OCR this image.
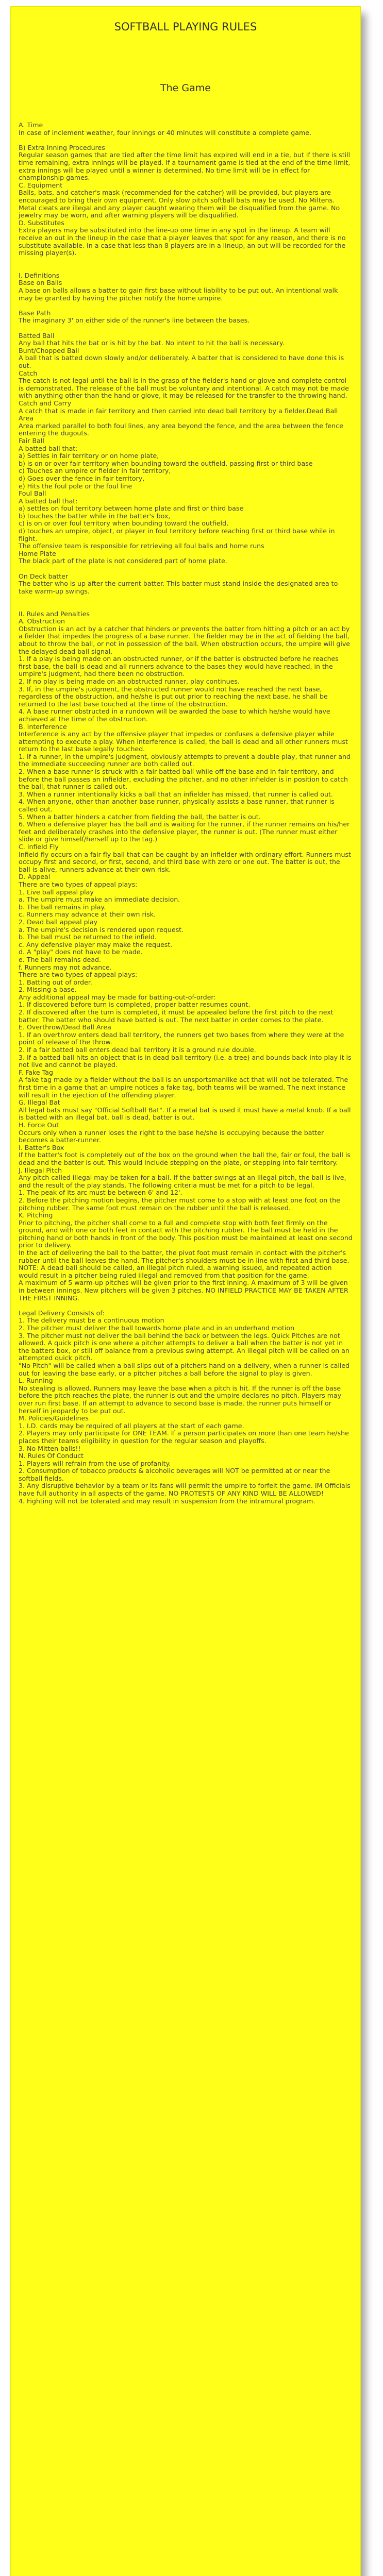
SOFTBALL PLAYING RULES
The Game

A. Time
In case of inclement weather, four innings or 40 minutes will constitute a complete game.

B) Extra Inning Procedures
Regular season games that are tied after the time limit has expired will end in a tie, but if there is still time remaining, extra innings will be played. If a tournament game is tied at the end of the time limit, extra innings will be played until a winner is determined. No time limit will be in effect for championship games.
C. Equipment
Balls, bats, and catcher's mask (recommended for the catcher) will be provided, but players are encouraged to bring their own equipment. Only slow pitch softball bats may be used. No Miltens. Metal cleats are illegal and any player caught wearing them will be disqualified from the game. No jewelry may be worn, and after warning players will be disqualified.
D. Substitutes
Extra players may be substituted into the line-up one time in any spot in the lineup. A team will receive an out in the lineup in the case that a player leaves that spot for any reason, and there is no substitute available. In a case that less than 8 players are in a lineup, an out will be recorded for the missing player(s).

I. Definitions
Base on Balls
A base on balls allows a batter to gain first base without liability to be put out. An intentional walk may be granted by having the pitcher notify the home umpire.

Base Path
The imaginary 3' on either side of the runner's line between the bases.

Batted Ball
Any ball that hits the bat or is hit by the bat. No intent to hit the ball is necessary.
Bunt/Chopped Ball
A ball that is batted down slowly and/or deliberately. A batter that is considered to have done this is out.
Catch
The catch is not legal until the ball is in the grasp of the fielder's hand or glove and complete control is demonstrated. The release of the ball must be voluntary and intentional. A catch may not be made with anything other than the hand or glove, it may be released for the transfer to the throwing hand.
Catch and Carry
A catch that is made in fair territory and then carried into dead ball territory by a fielder.Dead Ball Area
Area marked parallel to both foul lines, any area beyond the fence, and the area between the fence entering the dugouts.
Fair Ball
A batted ball that:
a) Settles in fair territory or on home plate,
b) is on or over fair territory when bounding toward the outfield, passing first or third base
c) Touches an umpire or fielder in fair territory,
d) Goes over the fence in fair territory,
e) Hits the foul pole or the foul line
Foul Ball
A batted ball that:
a) settles on foul territory between home plate and first or third base
b) touches the batter while in the batter's box,
c) is on or over foul territory when bounding toward the outfield,
d) touches an umpire, object, or player in foul territory before reaching first or third base while in flight.
The offensive team is responsible for retrieving all foul balls and home runs
Home Plate
The black part of the plate is not considered part of home plate.

On Deck batter
The batter who is up after the current batter. This batter must stand inside the designated area to take warm-up swings.

II. Rules and Penalties
A. Obstruction
Obstruction is an act by a catcher that hinders or prevents the batter from hitting a pitch or an act by a fielder that impedes the progress of a base runner. The fielder may be in the act of fielding the ball, about to throw the ball, or not in possession of the ball. When obstruction occurs, the umpire will give the delayed dead ball signal.
1. If a play is being made on an obstructed runner, or if the batter is obstructed before he reaches first base, the ball is dead and all runners advance to the bases they would have reached, in the umpire's judgment, had there been no obstruction.
2. If no play is being made on an obstructed runner, play continues.
3. If, in the umpire's judgment, the obstructed runner would not have reached the next base, regardless of the obstruction, and he/she is put out prior to reaching the next base, he shall be returned to the last base touched at the time of the obstruction.
4. A base runner obstructed in a rundown will be awarded the base to which he/she would have achieved at the time of the obstruction.
B. Interference
Interference is any act by the offensive player that impedes or confuses a defensive player while attempting to execute a play. When interference is called, the ball is dead and all other runners must return to the last base legally touched.
1. If a runner, in the umpire's judgment, obviously attempts to prevent a double play, that runner and the immediate succeeding runner are both called out.
2. When a base runner is struck with a fair batted ball while off the base and in fair territory, and before the ball passes an infielder, excluding the pitcher, and no other infielder is in position to catch the ball, that runner is called out.
3. When a runner intentionally kicks a ball that an infielder has missed, that runner is called out.
4. When anyone, other than another base runner, physically assists a base runner, that runner is called out.
5. When a batter hinders a catcher from fielding the ball, the batter is out.
6. When a defensive player has the ball and is waiting for the runner, if the runner remains on his/her feet and deliberately crashes into the defensive player, the runner is out. (The runner must either slide or give himself/herself up to the tag.)
C. Infield Fly
Infield fly occurs on a fair fly ball that can be caught by an infielder with ordinary effort. Runners must occupy first and second, or first, second, and third base with zero or one out. The batter is out, the ball is alive, runners advance at their own risk.
D. Appeal
There are two types of appeal plays:
1. Live ball appeal play
a. The umpire must make an immediate decision.
b. The ball remains in play.
c. Runners may advance at their own risk.
2. Dead ball appeal play
a. The umpire's decision is rendered upon request.
b. The ball must be returned to the infield.
c. Any defensive player may make the request.
d. A "play" does not have to be made.
e. The ball remains dead.
f. Runners may not advance.
There are two types of appeal plays:
1. Batting out of order.
2. Missing a base.
Any additional appeal may be made for batting-out-of-order:
1. If discovered before turn is completed, proper batter resumes count.
2. If discovered after the turn is completed, it must be appealed before the first pitch to the next batter. The batter who should have batted is out. The next batter in order comes to the plate.
E. Overthrow/Dead Ball Area
1. If an overthrow enters dead ball territory, the runners get two bases from where they were at the point of release of the throw.
2. If a fair batted ball enters dead ball territory it is a ground rule double.
3. If a batted ball hits an object that is in dead ball territory (i.e. a tree) and bounds back into play it is not live and cannot be played.
F. Fake Tag
A fake tag made by a fielder without the ball is an unsportsmanlike act that will not be tolerated. The first time in a game that an umpire notices a fake tag, both teams will be warned. The next instance will result in the ejection of the offending player.
G. Illegal Bat
All legal bats must say "Official Softball Bat". If a metal bat is used it must have a metal knob. If a ball is batted with an illegal bat, ball is dead, batter is out.
H. Force Out
Occurs only when a runner loses the right to the base he/she is occupying because the batter becomes a batter-runner.
I. Batter's Box
If the batter's foot is completely out of the box on the ground when the ball the, fair or foul, the ball is dead and the batter is out. This would include stepping on the plate, or stepping into fair territory.
J. Illegal Pitch
Any pitch called illegal may be taken for a ball. If the batter swings at an illegal pitch, the ball is live, and the result of the play stands. The following criteria must be met for a pitch to be legal.
1. The peak of its arc must be between 6' and 12'.
2. Before the pitching motion begins, the pitcher must come to a stop with at least one foot on the pitching rubber. The same foot must remain on the rubber until the ball is released.
K. Pitching
Prior to pitching, the pitcher shall come to a full and complete stop with both feet firmly on the ground, and with one or both feet in contact with the pitching rubber. The ball must be held in the pitching hand or both hands in front of the body. This position must be maintained at least one second prior to delivery.
In the act of delivering the ball to the batter, the pivot foot must remain in contact with the pitcher's rubber until the ball leaves the hand. The pitcher's shoulders must be in line with first and third base. NOTE: A dead ball should be called, an illegal pitch ruled, a warning issued, and repeated action would result in a pitcher being ruled illegal and removed from that position for the game.
A maximum of 5 warm-up pitches will be given prior to the first inning. A maximum of 3 will be given in between innings. New pitchers will be given 3 pitches. NO INFIELD PRACTICE MAY BE TAKEN AFTER THE FIRST INNING.

Legal Delivery Consists of:
1. The delivery must be a continuous motion
2. The pitcher must deliver the ball towards home plate and in an underhand motion
3. The pitcher must not deliver the ball behind the back or between the legs. Quick Pitches are not allowed. A quick pitch is one where a pitcher attempts to deliver a ball when the batter is not yet in the batters box, or still off balance from a previous swing attempt. An illegal pitch will be called on an attempted quick pitch.
"No Pitch" will be called when a ball slips out of a pitchers hand on a delivery, when a runner is called out for leaving the base early, or a pitcher pitches a ball before the signal to play is given.
L. Running
No stealing is allowed. Runners may leave the base when a pitch is hit. If the runner is off the base before the pitch reaches the plate, the runner is out and the umpire declares no pitch. Players may over run first base. If an attempt to advance to second base is made, the runner puts himself or herself in jeopardy to be put out.
M. Policies/Guidelines
1. I.D. cards may be required of all players at the start of each game.
2. Players may only participate for ONE TEAM. If a person participates on more than one team he/she places their teams eligibility in question for the regular season and playoffs.
3. No Mitten balls!!
N. Rules Of Conduct
1. Players will refrain from the use of profanity.
2. Consumption of tobacco products & alcoholic beverages will NOT be permitted at or near the softball fields.
3. Any disruptive behavior by a team or its fans will permit the umpire to forfeit the game. IM Officials have full authority in all aspects of the game. NO PROTESTS OF ANY KIND WILL BE ALLOWED!
4. Fighting will not be tolerated and may result in suspension from the intramural program.
